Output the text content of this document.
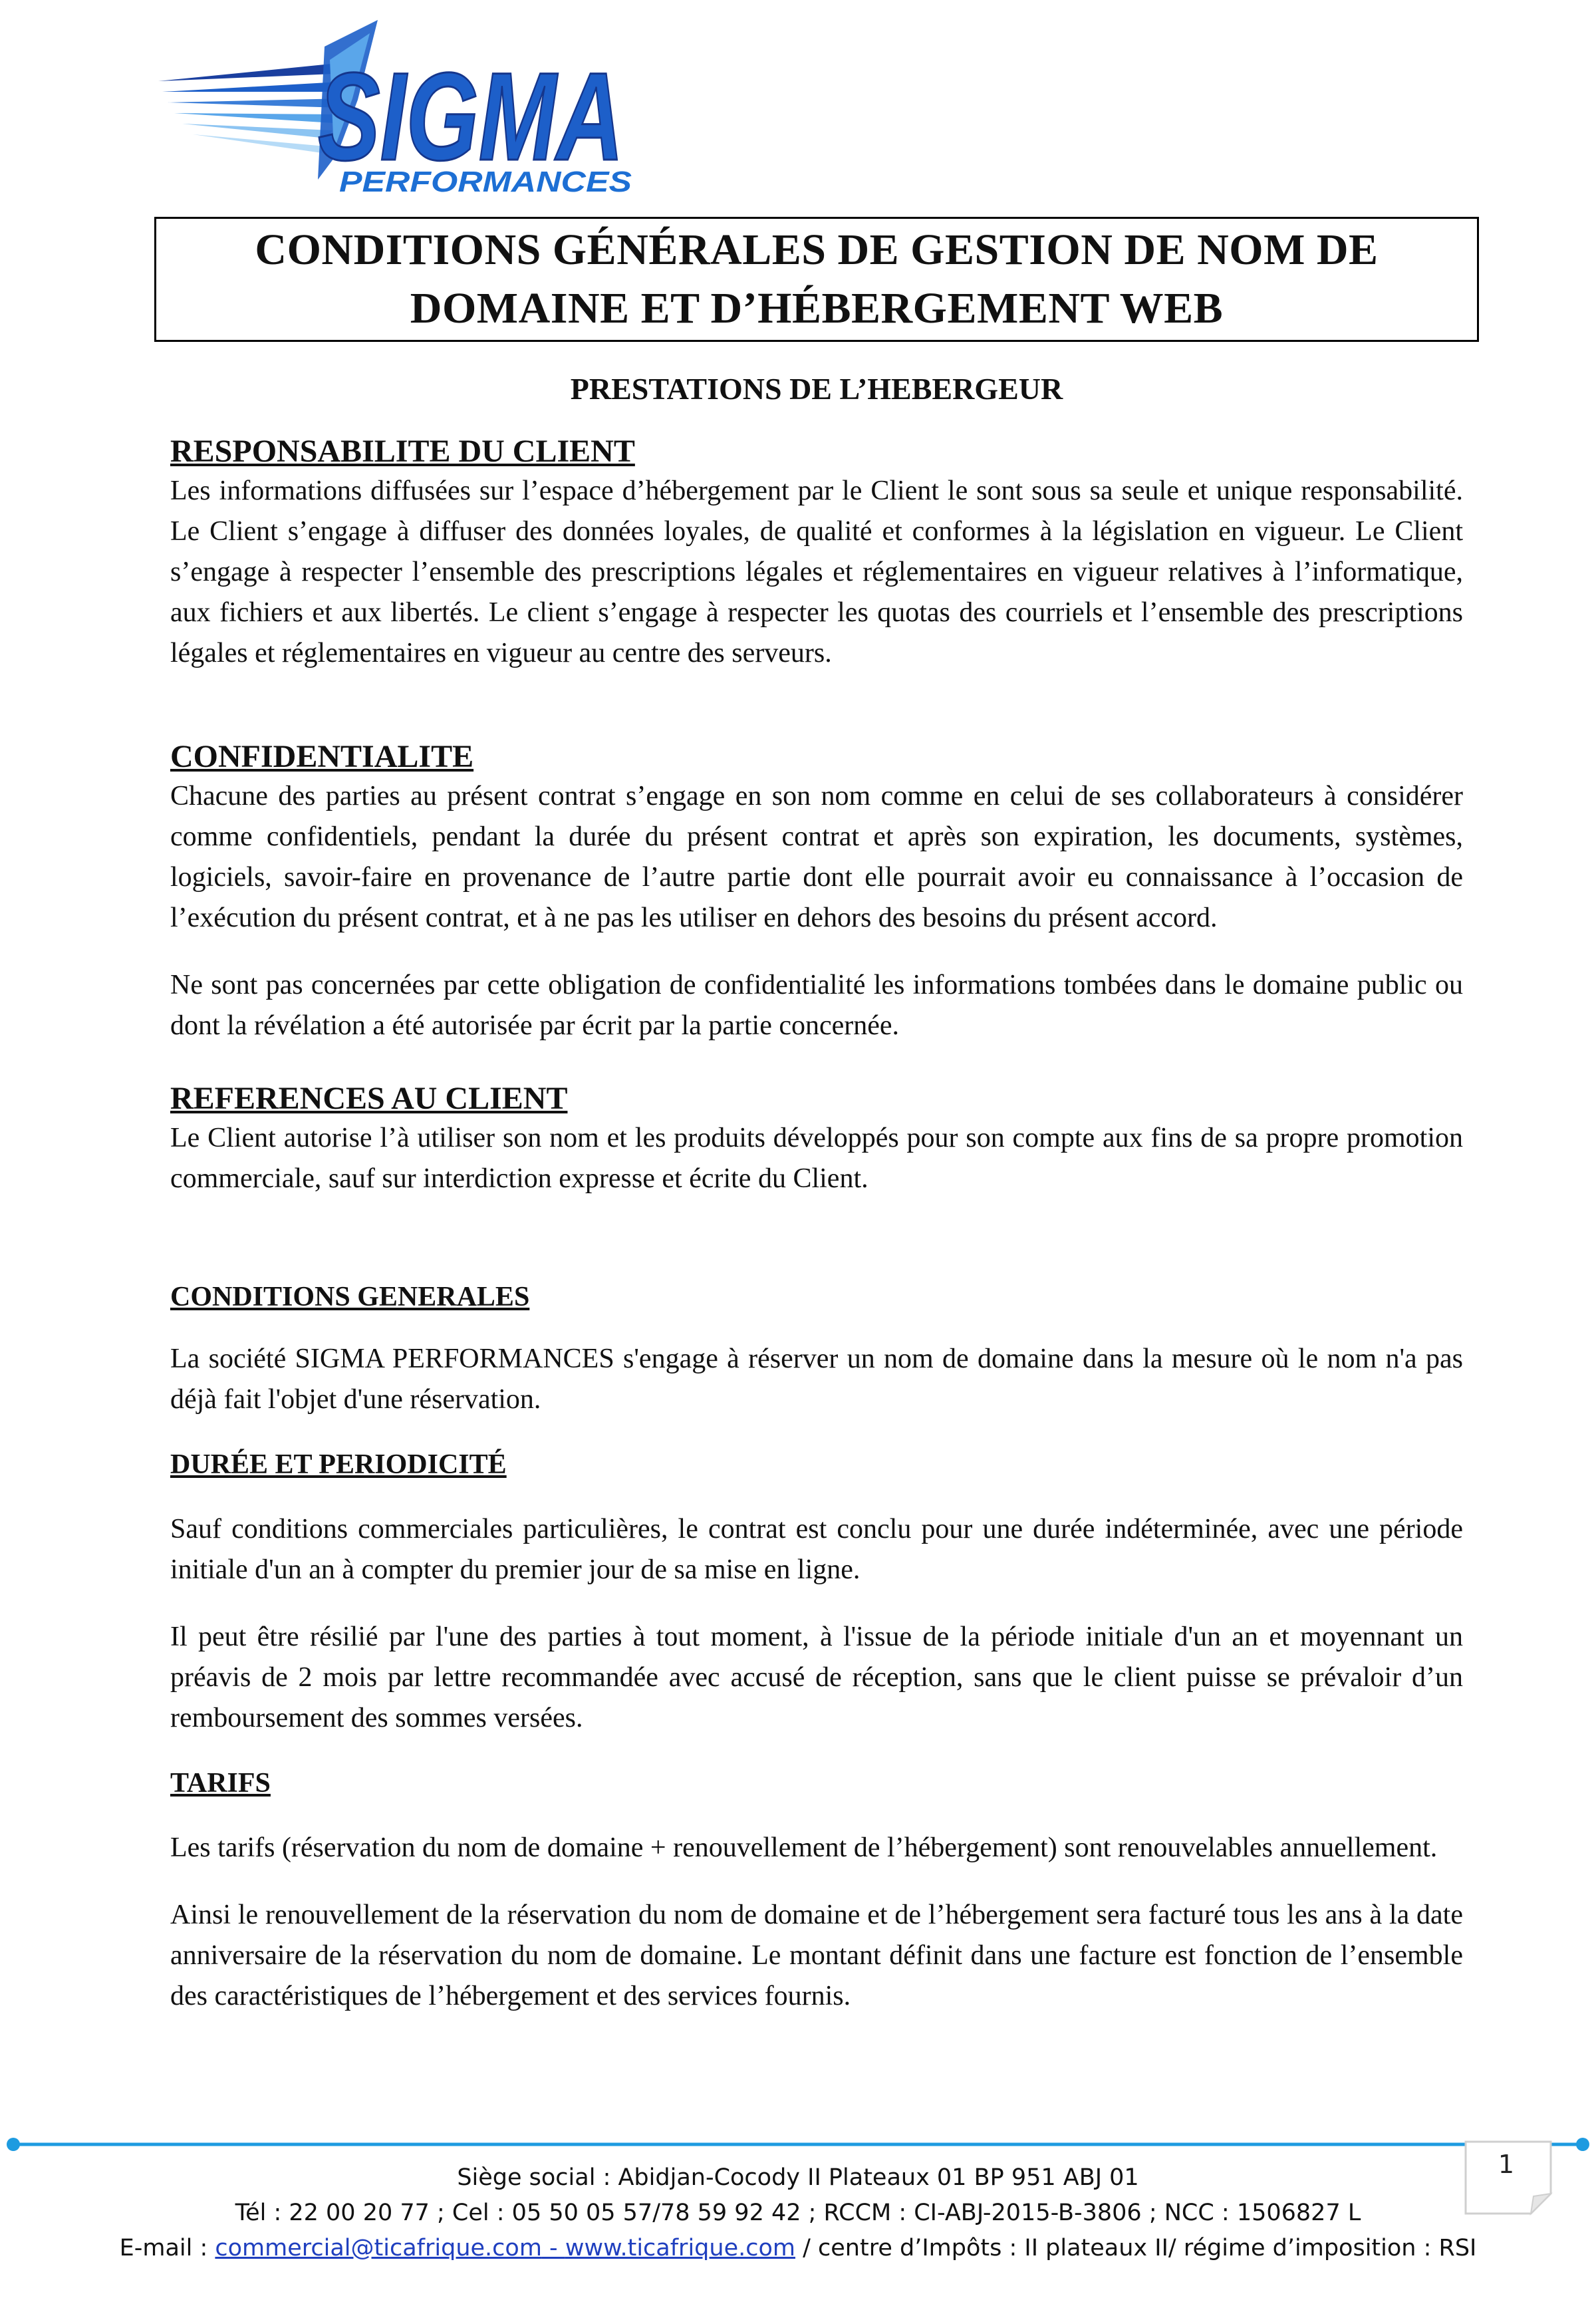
SIGMA
PERFORMANCES
CONDITIONS GÉNÉRALES DE GESTION DE NOM DE
DOMAINE ET D’HÉBERGEMENT WEB
PRESTATIONS DE L’HEBERGEUR
RESPONSABILITE DU CLIENT

Les informations diffusées sur l’espace d’hébergement par le Client le sont sous sa seule et unique responsabilité. Le Client s’engage à diffuser des données loyales, de qualité et conformes à la législation en vigueur. Le Client s’engage à respecter l’ensemble des prescriptions légales et réglementaires en vigueur relatives à l’informatique, aux fichiers et aux libertés. Le client s’engage à respecter les quotas des courriels et l’ensemble des prescriptions légales et réglementaires en vigueur au centre des serveurs.

CONFIDENTIALITE

Chacune des parties au présent contrat s’engage en son nom comme en celui de ses collaborateurs à considérer comme confidentiels, pendant la durée du présent contrat et après son expiration, les documents, systèmes, logiciels, savoir-faire en provenance de l’autre partie dont elle pourrait avoir eu connaissance à l’occasion de l’exécution du présent contrat, et à ne pas les utiliser en dehors des besoins du présent accord.

Ne sont pas concernées par cette obligation de confidentialité les informations tombées dans le domaine public ou dont la révélation a été autorisée par écrit par la partie concernée.

REFERENCES AU CLIENT

Le Client autorise l’à utiliser son nom et les produits développés pour son compte aux fins de sa propre promotion commerciale, sauf sur interdiction expresse et écrite du Client.

CONDITIONS GENERALES

La société SIGMA PERFORMANCES s'engage à réserver un nom de domaine dans la mesure où le nom n'a pas déjà fait l'objet d'une réservation.

DURÉE ET PERIODICITÉ

Sauf conditions commerciales particulières, le contrat est conclu pour une durée indéterminée, avec une période initiale d'un an à compter du premier jour de sa mise en ligne.

Il peut être résilié par l'une des parties à tout moment, à l'issue de la période initiale d'un an et moyennant un préavis de 2 mois par lettre recommandée avec accusé de réception, sans que le client puisse se prévaloir d’un remboursement des sommes versées.

TARIFS

Les tarifs (réservation du nom de domaine + renouvellement de l’hébergement) sont renouvelables annuellement.

Ainsi le renouvellement de la réservation du nom de domaine et de l’hébergement sera facturé tous les ans à la date anniversaire de la réservation du nom de domaine. Le montant définit dans une facture est fonction de l’ensemble des caractéristiques de l’hébergement et des services fournis.

1
Siège social : Abidjan-Cocody II Plateaux 01 BP 951 ABJ 01
Tél : 22 00 20 77 ; Cel : 05 50 05 57/78 59 92 42 ; RCCM : CI-ABJ-2015-B-3806 ; NCC : 1506827 L
E-mail : commercial@ticafrique.com - www.ticafrique.com / centre d’Impôts : II plateaux II/ régime d’imposition : RSI
